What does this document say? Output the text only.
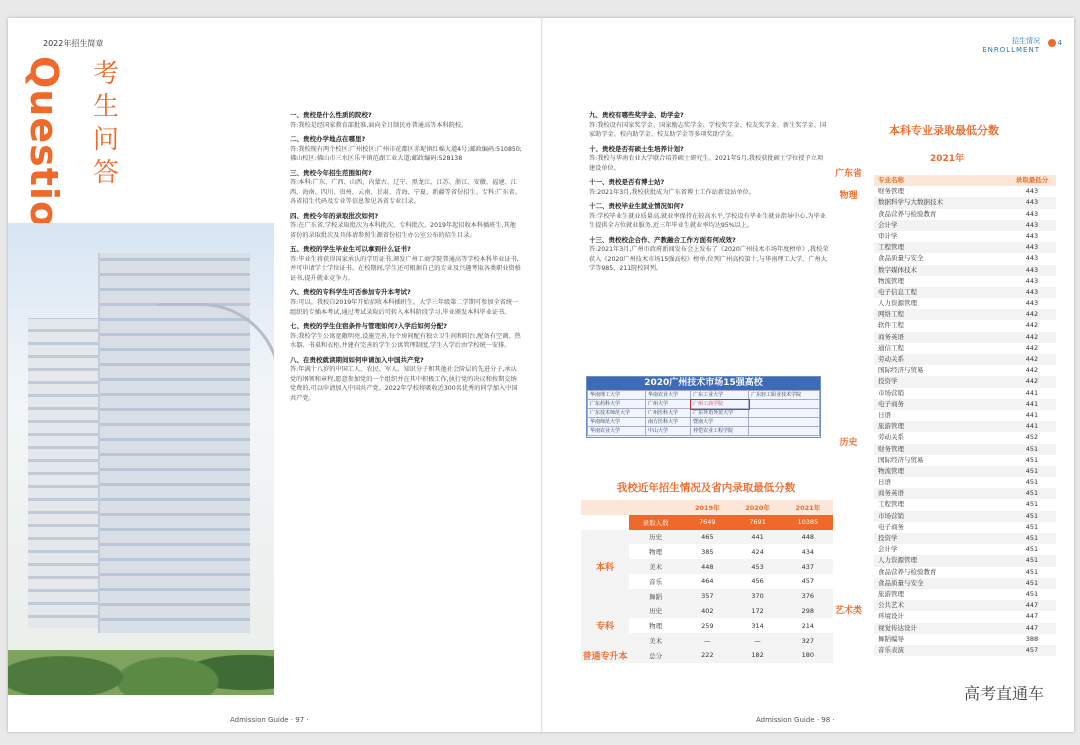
2022年招生简章
考
生
问
答
一、贵校是什么性质的院校?
答:我校是经国家教育部批准,面向全日制民办普通高等本科院校。
二、贵校办学地点在哪里?
答:我校现有两个校区:广州校区:广州市花都区赤坭镇红棉大道4号;邮政编码:510850;佛山校区:佛山市三水区乐平镇范湖工业大道;邮政编码:528138
三、贵校今年招生范围如何?
答:本科:广东、广西、山西、内蒙古、辽宁、黑龙江、江苏、浙江、安徽、福建、江西、海南、四川、贵州、云南、甘肃、青海、宁夏、新疆等省份招生。专科:广东省。各省招生代码及专业等信息参见各省专业目录。
四、贵校今年的录取批次如何?
答:在广东省,学校录取批次为本科批次、专科批次。2019年起招收本科插班生,其他省份的录取批次及具体请参照生源省份招生办公室公布的招生目录。
五、贵校的学生毕业生可以拿到什么证书?
答:毕业生将获得国家承认的学历证书,颁发广州工商学院普通高等学校本科毕业证书,并可申请学士学位证书。在校期间,学生还可根据自己的专业及兴趣考取各类职业资格证书,提升就业竞争力。
六、贵校的专科学生可否参加专升本考试?
答:可以。我校自2019年开始招收本科插班生。大学三年级第二学期可参加全省统一组织的专插本考试,通过考试录取后可转入本科阶段学习,毕业颁发本科毕业证书。
七、贵校的学生住宿条件与管理如何?入学后如何分配?
答:我校学生公寓宽敞明亮,设施完善,每个房间配有独立卫生间和阳台,配备有空调、热水器、书桌和衣柜,并建有完善的学生公寓管理制度,学生入学后由学校统一安排。
八、在贵校就读期间如何申请加入中国共产党?
答:年满十八岁的中国工人、农民、军人、知识分子和其他社会阶层的先进分子,承认党的纲领和章程,愿意参加党的一个组织并在其中积极工作,执行党的决议和按期交纳党费的,可以申请加入中国共产党。2022年学校将吸收近300名优秀的同学加入中国共产党。
Admission Guide · 97 ·
招生情况
ENROLLMENT
4
九、贵校有哪些奖学金、助学金?
答:我校设有国家奖学金、国家励志奖学金、学校奖学金、校友奖学金、新生奖学金、国家助学金、校内助学金、校友助学金等多项奖助学金。
十、贵校是否有硕士生培养计划?
答:我校与华南农业大学联合培养硕士研究生。2021年5月,我校获批硕士学位授予立项建设单位。
十一、贵校是否有博士站?
答:2021年3月,我校获批成为广东省博士工作站新设站单位。
十二、贵校毕业生就业情况如何?
答:学校毕业生就业质量高,就业率保持在较高水平,学校设有毕业生就业指导中心,为毕业生提供全方位就业服务,近三年毕业生就业率均达95%以上。
十三、贵校校企合作、产教融合工作方面有何成效?
答:2021年3月,广州市政府新闻发布会上发布了《2020广州技术市场年度榜单》,我校荣获入《2020广州技术市场15强高校》榜单,位列广州高校第十,与华南理工大学、广州大学等985、211院校同列。
2020广州技术市场15强高校
华南理工大学	华南农业大学	广东工业大学	广东轻工职业技术学院
广东药科大学	广州大学	广州工商学院	
广东技术师范大学	广州医科大学	广东外语外贸大学	
华南师范大学	南方医科大学	暨南大学	
华南农业大学	中山大学	仲恺农业工程学院	
我校近年招生情况及省内录取最低分数
		2019年	2020年	2021年
广东省	录取人数	7649	7691	10385
本科	历史	465	441	448
	物理	385	424	434
	美术	448	453	437
	音乐	464	456	457
	舞蹈	357	370	376
专科	历史	402	172	298
	物理	259	314	214
	美术	—	—	327
普通专升本	总分	222	182	180
本科专业录取最低分数
2021年
广东省
物理
历史
艺术类
专业名称	录取最低分
财务管理	443
数据科学与大数据技术	443
食品营养与检验教育	443
会计学	443
审计学	443
工程管理	443
食品质量与安全	443
数字媒体技术	443
物流管理	443
电子信息工程	443
人力资源管理	443
网络工程	442
软件工程	442
商务英语	442
通信工程	442
劳动关系	442
国际经济与贸易	442
投资学	442
市场营销	441
电子商务	441
日语	441
旅游管理	441
劳动关系	452
财务管理	451
国际经济与贸易	451
物流管理	451
日语	451
商务英语	451
工程管理	451
市场营销	451
电子商务	451
投资学	451
会计学	451
人力资源管理	451
食品营养与检验教育	451
食品质量与安全	451
旅游管理	451
公共艺术	447
环境设计	447
视觉传达设计	447
舞蹈编导	388
音乐表演	457
Admission Guide · 98 ·
高考直通车
